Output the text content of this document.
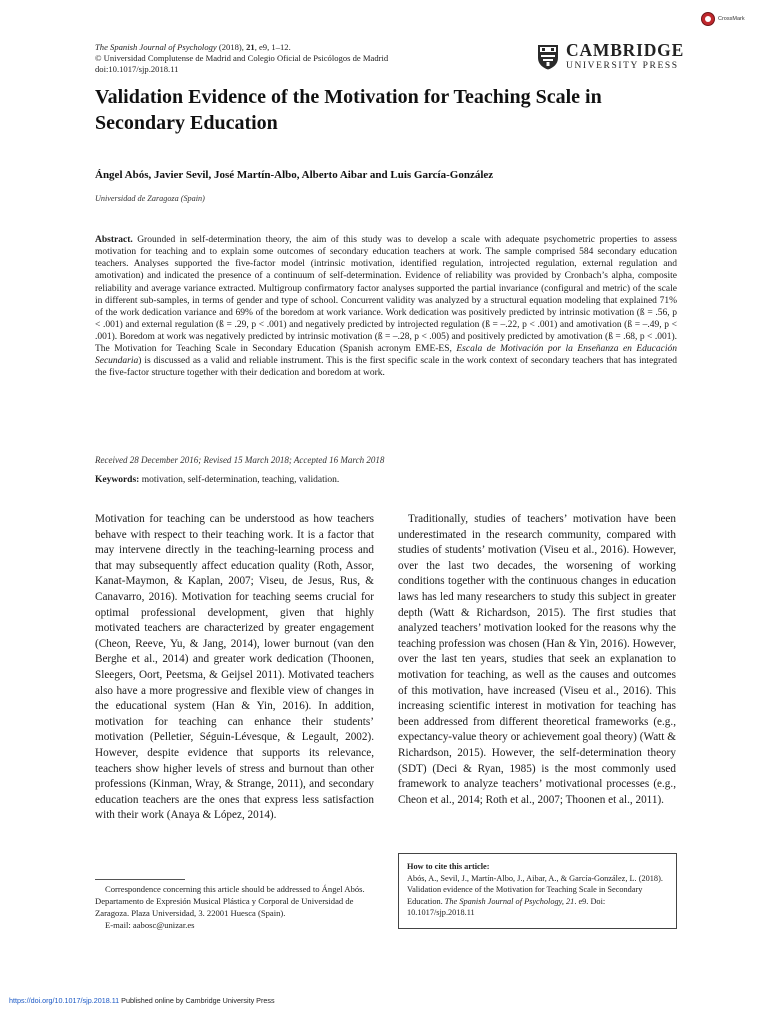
The Spanish Journal of Psychology (2018), 21, e9, 1–12.
© Universidad Complutense de Madrid and Colegio Oficial de Psicólogos de Madrid
doi:10.1017/sjp.2018.11
CrossMark
CAMBRIDGE
UNIVERSITY PRESS
Validation Evidence of the Motivation for Teaching Scale in Secondary Education
Ángel Abós, Javier Sevil, José Martín-Albo, Alberto Aibar and Luis García-González
Universidad de Zaragoza (Spain)
Abstract. Grounded in self-determination theory, the aim of this study was to develop a scale with adequate psychometric properties to assess motivation for teaching and to explain some outcomes of secondary education teachers at work. The sample comprised 584 secondary education teachers. Analyses supported the five-factor model (intrinsic motivation, identified regulation, introjected regulation, external regulation and amotivation) and indicated the presence of a continuum of self-determination. Evidence of reliability was provided by Cronbach’s alpha, composite reliability and average variance extracted. Multigroup confirmatory factor analyses supported the partial invariance (configural and metric) of the scale in different sub-samples, in terms of gender and type of school. Concurrent validity was analyzed by a structural equation modeling that explained 71% of the work dedication variance and 69% of the boredom at work variance. Work dedication was positively predicted by intrinsic motivation (ß = .56, p < .001) and external regulation (ß = .29, p < .001) and negatively predicted by introjected regulation (ß = –.22, p < .001) and amotivation (ß = –.49, p < .001). Boredom at work was negatively predicted by intrinsic motivation (ß = –.28, p < .005) and positively predicted by amotivation (ß = .68, p < .001). The Motivation for Teaching Scale in Secondary Education (Spanish acronym EME-ES, Escala de Motivación por la Enseñanza en Educación Secundaria) is discussed as a valid and reliable instrument. This is the first specific scale in the work context of secondary teachers that has integrated the five-factor structure together with their dedication and boredom at work.
Received 28 December 2016; Revised 15 March 2018; Accepted 16 March 2018
Keywords: motivation, self-determination, teaching, validation.
Motivation for teaching can be understood as how teachers behave with respect to their teaching work. It is a factor that may intervene directly in the teaching-learning process and that may subsequently affect education quality (Roth, Assor, Kanat-Maymon, & Kaplan, 2007; Viseu, de Jesus, Rus, & Canavarro, 2016). Motivation for teaching seems crucial for optimal professional development, given that highly motivated teachers are characterized by greater engagement (Cheon, Reeve, Yu, & Jang, 2014), lower burnout (van den Berghe et al., 2014) and greater work dedication (Thoonen, Sleegers, Oort, Peetsma, & Geijsel 2011). Motivated teachers also have a more progressive and flexible view of changes in the educational system (Han & Yin, 2016). In addition, motivation for teaching can enhance their students’ motivation (Pelletier, Séguin-Lévesque, & Legault, 2002). However, despite evidence that supports its relevance, teachers show higher levels of stress and burnout than other professions (Kinman, Wray, & Strange, 2011), and secondary education teachers are the ones that express less satisfaction with their work (Anaya & López, 2014).
Traditionally, studies of teachers’ motivation have been underestimated in the research community, compared with studies of students’ motivation (Viseu et al., 2016). However, over the last two decades, the worsening of working conditions together with the continuous changes in education laws has led many researchers to study this subject in greater depth (Watt & Richardson, 2015). The first studies that analyzed teachers’ motivation looked for the reasons why the teaching profession was chosen (Han & Yin, 2016). However, over the last ten years, studies that seek an explanation to motivation for teaching, as well as the causes and outcomes of this motivation, have increased (Viseu et al., 2016). This increasing scientific interest in motivation for teaching has been addressed from different theoretical frameworks (e.g., expectancy-value theory or achievement goal theory) (Watt & Richardson, 2015). However, the self-determination theory (SDT) (Deci & Ryan, 1985) is the most commonly used framework to analyze teachers’ motivational processes (e.g., Cheon et al., 2014; Roth et al., 2007; Thoonen et al., 2011).
Correspondence concerning this article should be addressed to Ángel Abós. Departamento de Expresión Musical Plástica y Corporal de Universidad de Zaragoza. Plaza Universidad, 3. 22001 Huesca (Spain).
E-mail: aabosc@unizar.es
How to cite this article:
Abós, A., Sevil, J., Martín-Albo, J., Aibar, A., & García-González, L. (2018). Validation evidence of the Motivation for Teaching Scale in Secondary Education. The Spanish Journal of Psychology, 21. e9. Doi: 10.1017/sjp.2018.11
https://doi.org/10.1017/sjp.2018.11 Published online by Cambridge University Press
